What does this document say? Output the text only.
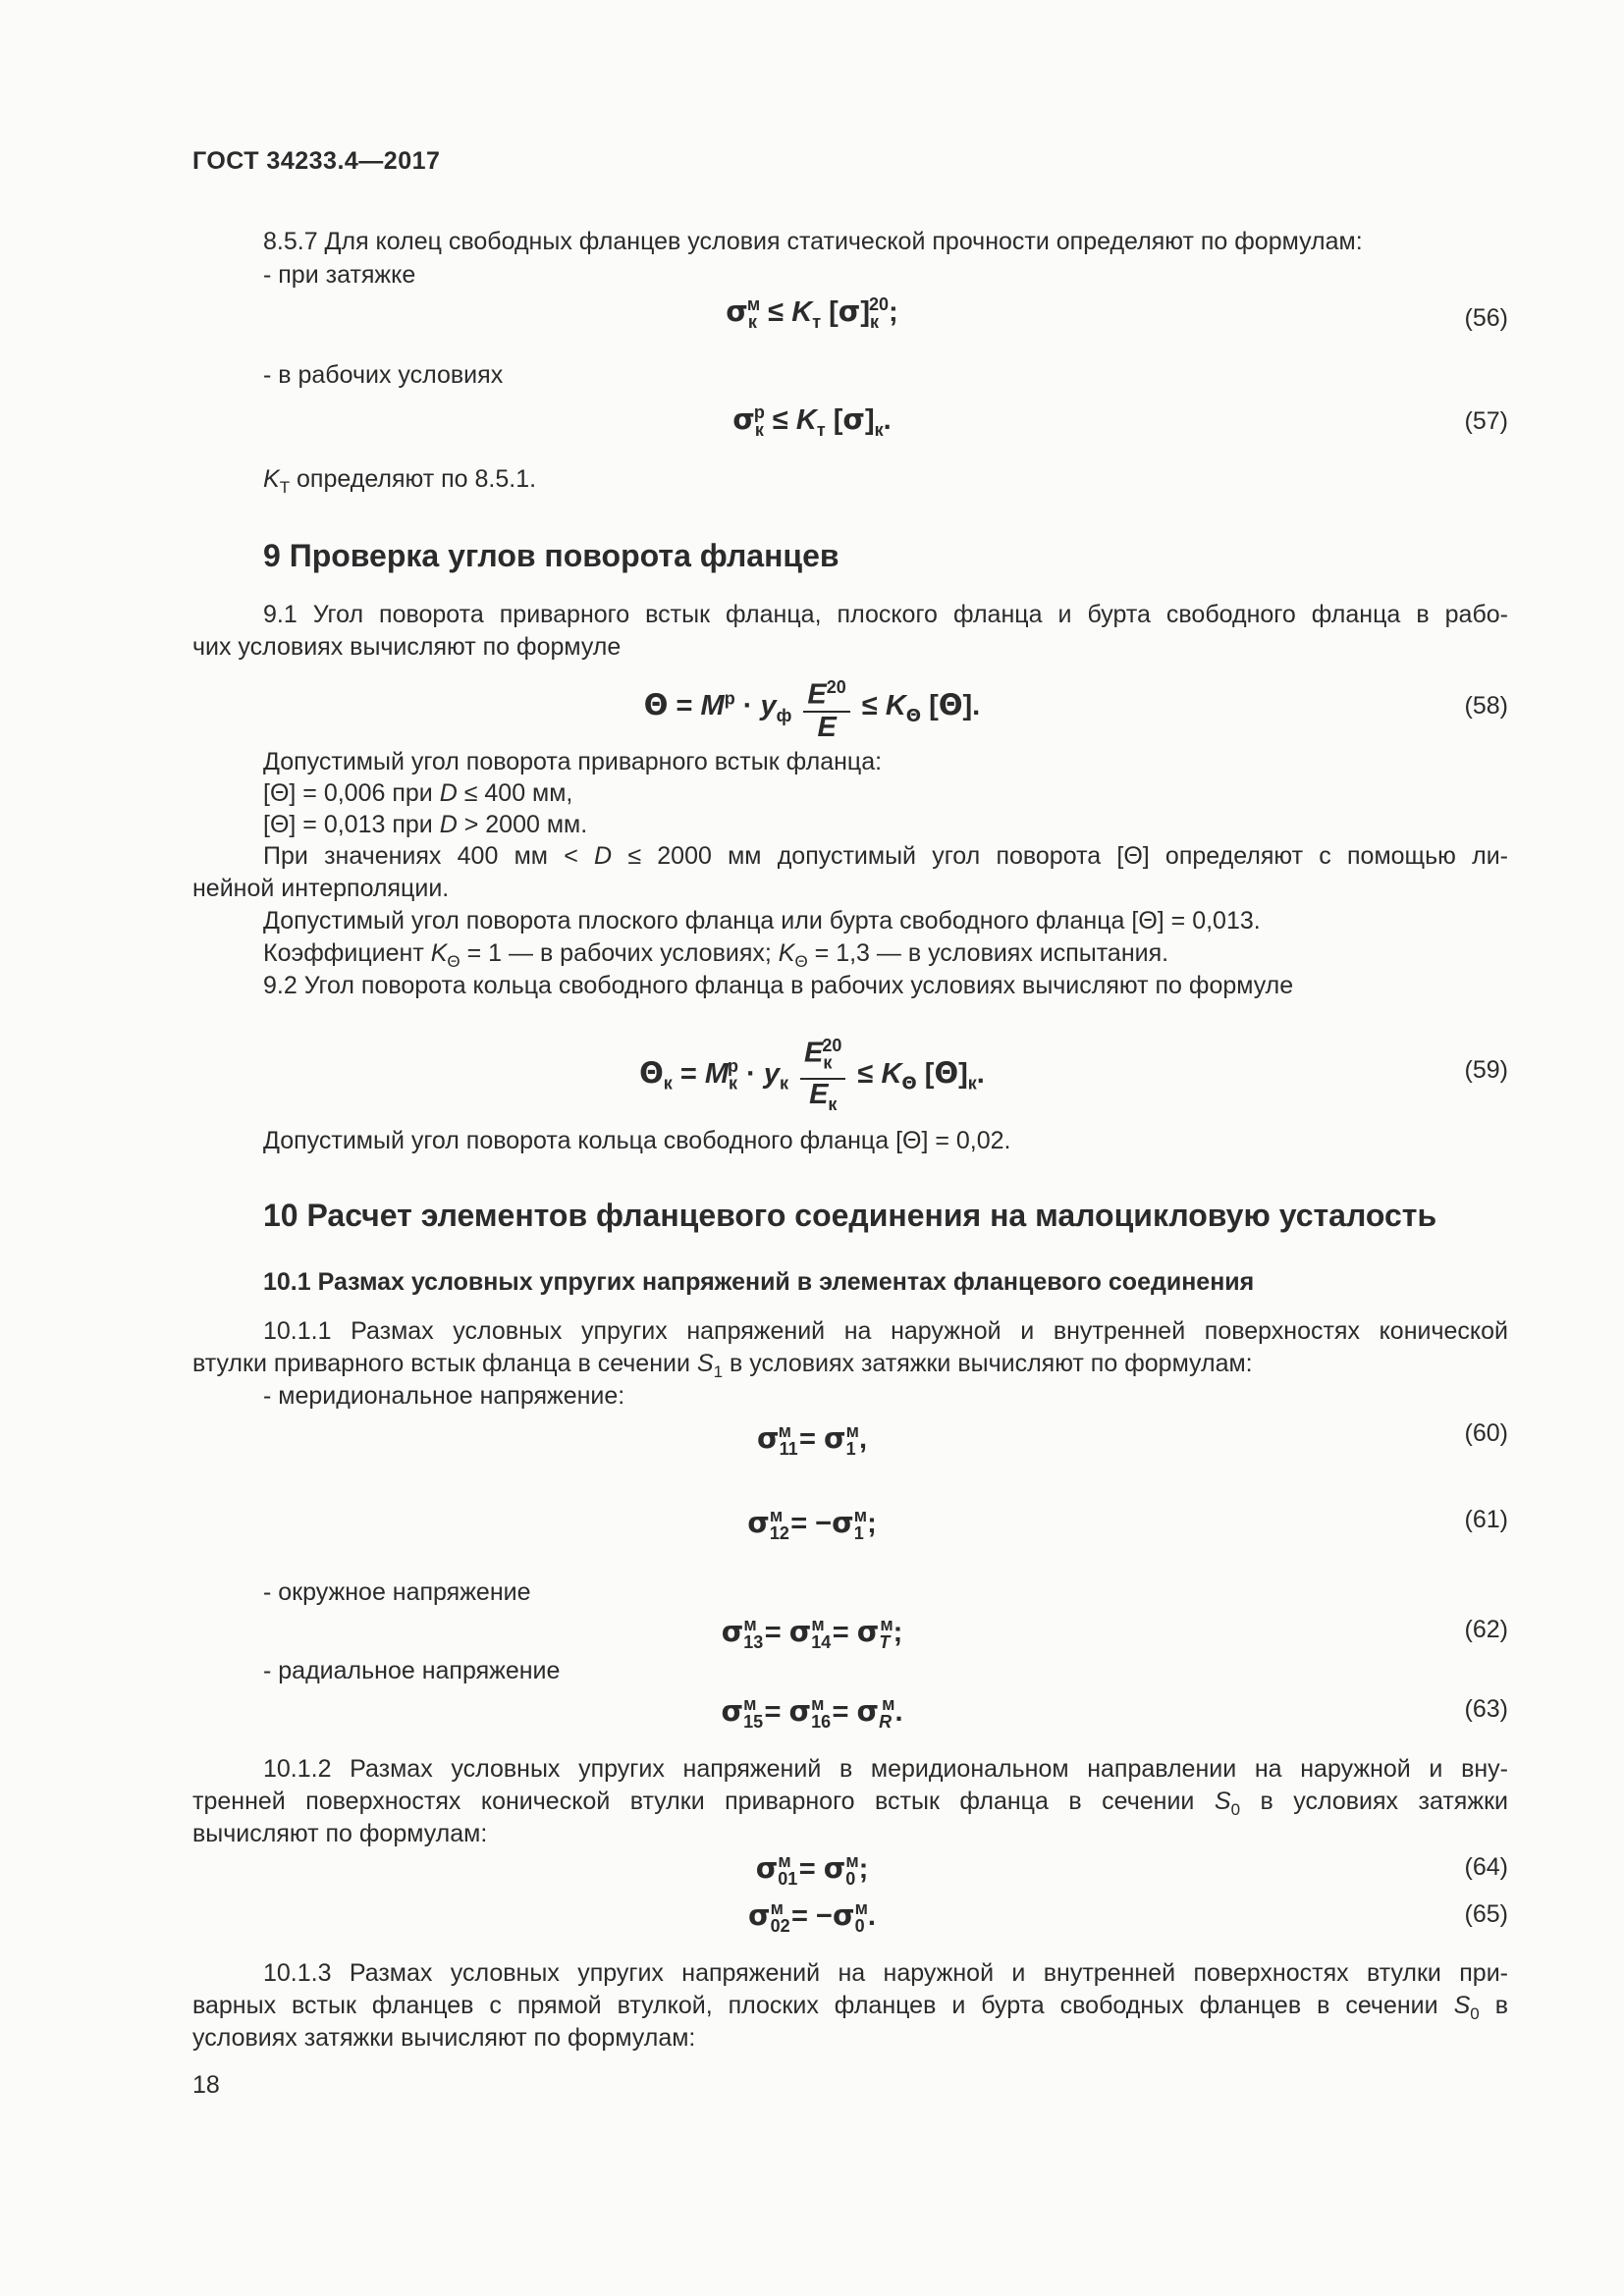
ГОСТ 34233.4—2017
8.5.7 Для колец свободных фланцев условия статической прочности определяют по формулам:
- при затяжке
$\sigma_к^м \le K_т$ $[\sigma]_к^{20}$;	(56)
- в рабочих условиях
$\sigma_к^р \le K_т$ $[\sigma]_к$.	(57)
$K_Т$ определяют по 8.5.1.
9 Проверка углов поворота фланцев
9.1 Угол поворота приварного встык фланца, плоского фланца и бурта свободного фланца в рабо-
чих условиях вычисляют по формуле
$\Theta = M^р \cdot y_ф \frac{E^{20}}{E} \le K_\Theta$ [Θ].	(58)
Допустимый угол поворота приварного встык фланца:
[Θ] = 0,006 при D ≤ 400 мм,
[Θ] = 0,013 при D > 2000 мм.
При значениях 400 мм < D ≤ 2000 мм допустимый угол поворота [Θ] определяют с помощью ли-
нейной интерполяции.
Допустимый угол поворота плоского фланца или бурта свободного фланца [Θ] = 0,013.
Коэффициент $K_\Theta = 1$ — в рабочих условиях; $K_\Theta = 1,3$ — в условиях испытания.
9.2 Угол поворота кольца свободного фланца в рабочих условиях вычисляют по формуле
$\Theta_к = M_к^р \cdot y_к \frac{E_к^{20}}{E_к} \le K_\Theta$ $[\Theta]_к$.	(59)
Допустимый угол поворота кольца свободного фланца [Θ] = 0,02.
10 Расчет элементов фланцевого соединения на малоцикловую усталость
10.1 Размах условных упругих напряжений в элементах фланцевого соединения
10.1.1 Размах условных упругих напряжений на наружной и внутренней поверхностях конической
втулки приварного встык фланца в сечении $S_1$ в условиях затяжки вычисляют по формулам:
- меридиональное напряжение:
$\sigma_{11}^м = \sigma_1^м$,	(60)
$\sigma_{12}^м = -\sigma_1^м$;	(61)
- окружное напряжение
$\sigma_{13}^м = \sigma_{14}^м = \sigma_T^м$;	(62)
- радиальное напряжение
$\sigma_{15}^м = \sigma_{16}^м = \sigma_R^м$.	(63)
10.1.2 Размах условных упругих напряжений в меридиональном направлении на наружной и вну-
тренней поверхностях конической втулки приварного встык фланца в сечении $S_0$ в условиях затяжки
вычисляют по формулам:
$\sigma_{01}^м = \sigma_0^м$;	(64)
$\sigma_{02}^м = -\sigma_0^м$.	(65)
10.1.3 Размах условных упругих напряжений на наружной и внутренней поверхностях втулки при-
варных встык фланцев с прямой втулкой, плоских фланцев и бурта свободных фланцев в сечении $S_0$ в
условиях затяжки вычисляют по формулам:
18
